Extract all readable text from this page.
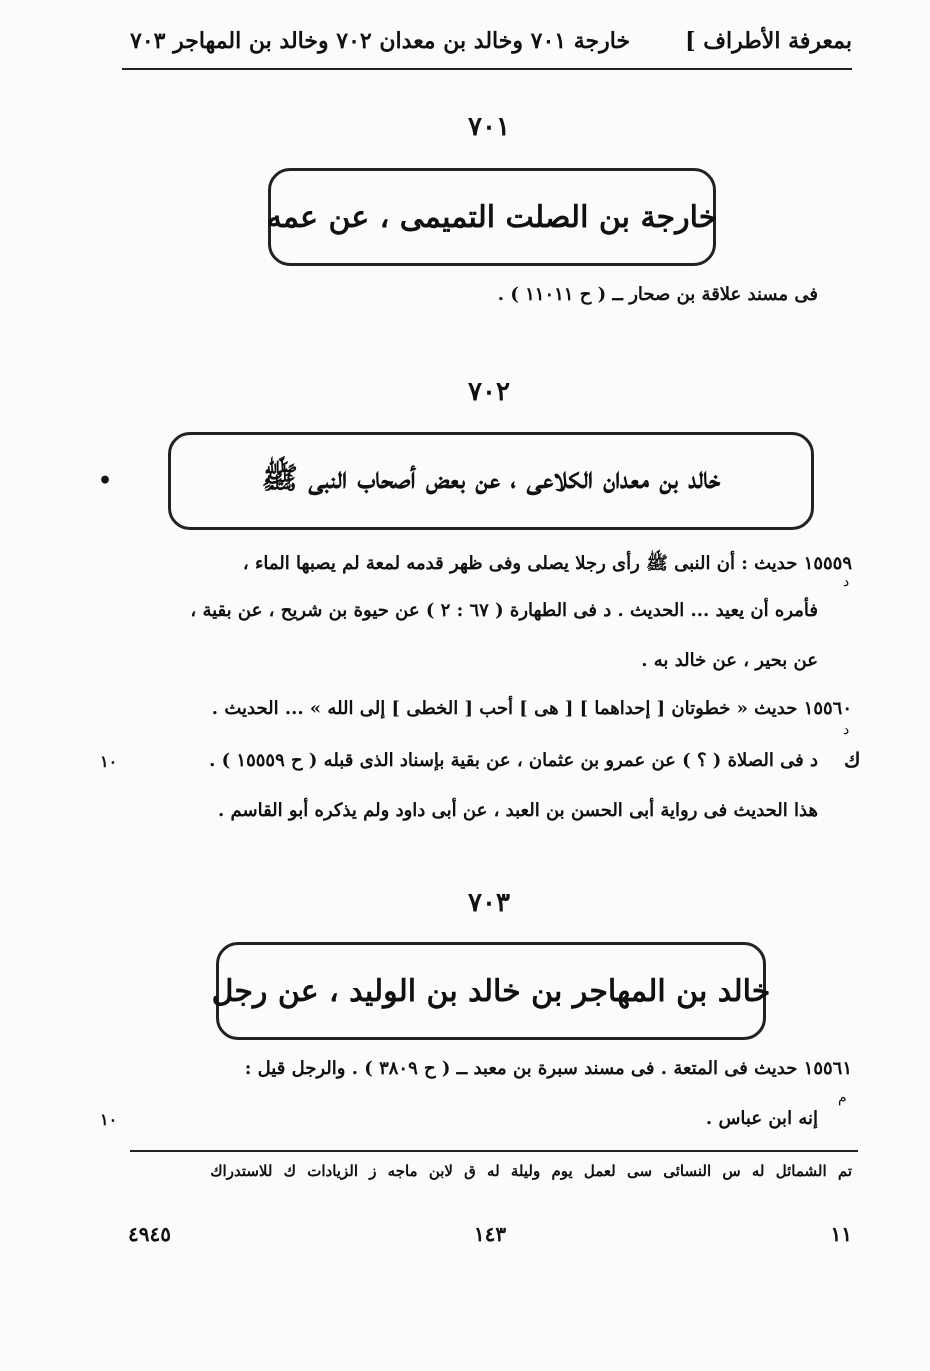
بمعرفة الأطراف ]
خارجة ٧٠١ وخالد بن معدان ٧٠٢ وخالد بن المهاجر ٧٠٣
٧٠١
خارجة بن الصلت التميمى ، عن عمه
فى مسند علاقة بن صحار ــ ( ح ١١٠١١ ) .
٧٠٢
خالد بن معدان الكلاعى ، عن بعض أصحاب النبى ﷺ
•
١٥٥٥٩ حديث : أن النبى ﷺ رأى رجلا يصلى وفى ظهر قدمه لمعة لم يصبها الماء ،
د
فأمره أن يعيد ... الحديث . د فى الطهارة ( ٦٧ : ٢ ) عن حيوة بن شريح ، عن بقية ،
عن بحير ، عن خالد به .
١٥٥٦٠ حديث « خطوتان [ إحداهما ] [ هى ] أحب [ الخطى ] إلى الله » ... الحديث .
د
ك
د فى الصلاة ( ؟ ) عن عمرو بن عثمان ، عن بقية بإسناد الذى قبله ( ح ١٥٥٥٩ ) .
١٠
هذا الحديث فى رواية أبى الحسن بن العبد ، عن أبى داود ولم يذكره أبو القاسم .
٧٠٣
خالد بن المهاجر بن خالد بن الوليد ، عن رجل
١٥٥٦١ حديث فى المتعة . فى مسند سبرة بن معبد ــ ( ح ٣٨٠٩ ) . والرجل قيل :
م
إنه ابن عباس .
١٠
تم الشمائل له س النسائى سى لعمل يوم وليلة له ق لابن ماجه ز الزيادات ك للاستدراك
١١
١٤٣
٤٩٤٥
